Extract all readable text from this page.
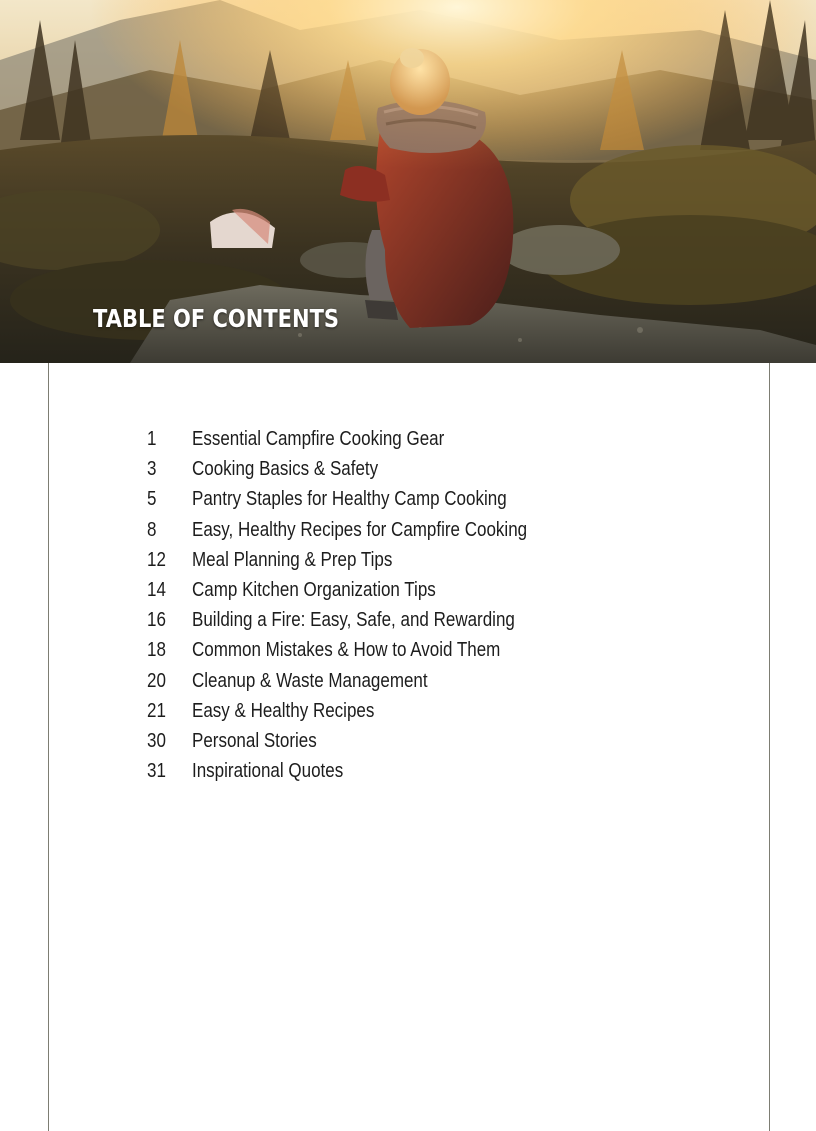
TABLE OF CONTENTS
1 Essential Campfire Cooking Gear
3 Cooking Basics & Safety
5 Pantry Staples for Healthy Camp Cooking
8 Easy, Healthy Recipes for Campfire Cooking
12 Meal Planning & Prep Tips
14 Camp Kitchen Organization Tips
16 Building a Fire: Easy, Safe, and Rewarding
18 Common Mistakes & How to Avoid Them
20 Cleanup & Waste Management
21 Easy & Healthy Recipes
30 Personal Stories
31 Inspirational Quotes
